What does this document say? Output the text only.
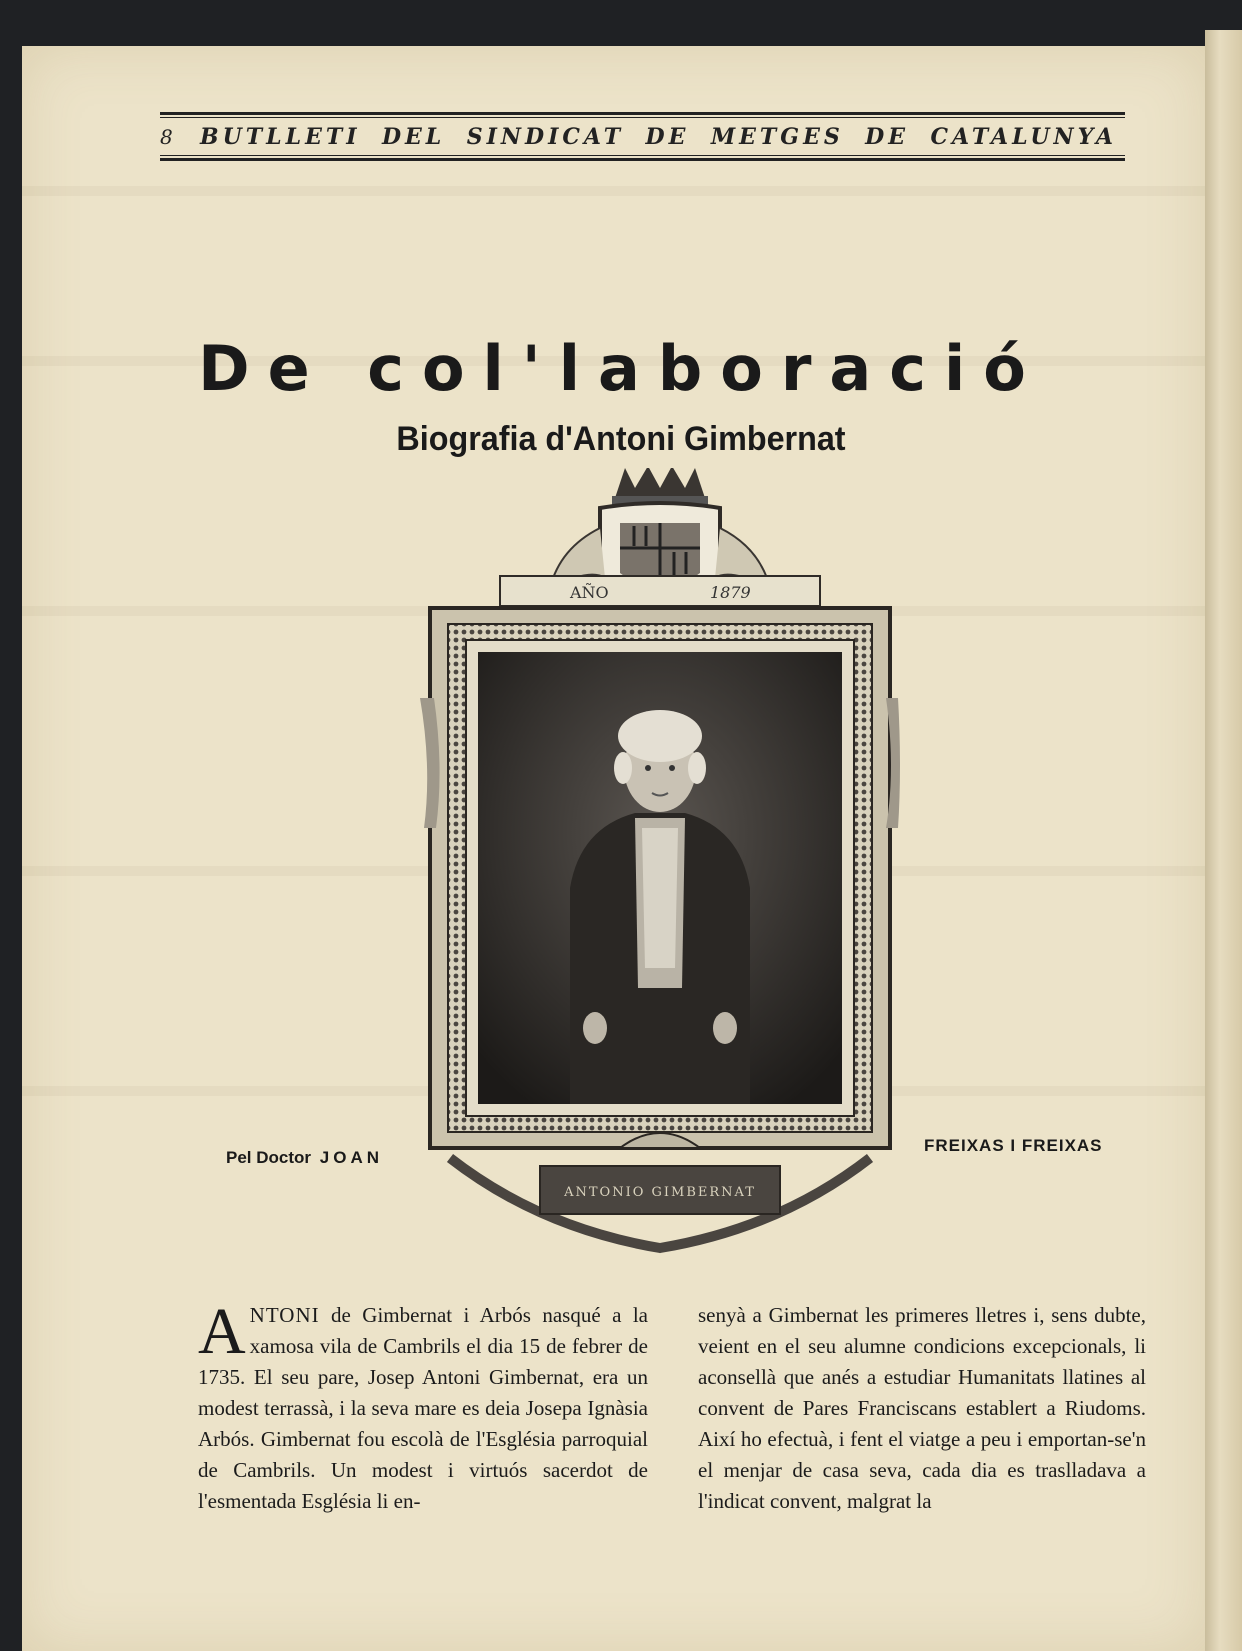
8	BUTLLETI DEL SINDICAT DE METGES DE CATALUNYA
De col'laboració
Biografia d'Antoni Gimbernat
AÑO	1879
ANTONIO GIMBERNAT
Pel Doctor JOAN
FREIXAS I FREIXAS

ANTONI de Gimbernat i Arbós nasqué a la xamosa vila de Cambrils el dia 15 de febrer de 1735. El seu pare, Josep Antoni Gimbernat, era un modest terrassà, i la seva mare es deia Josepa Ignàsia Arbós. Gimbernat fou escolà de l'Església parroquial de Cambrils. Un modest i virtuós sacerdot de l'esmentada Església li en-

senyà a Gimbernat les primeres lletres i, sens dubte, veient en el seu alumne condicions excepcionals, li aconsellà que anés a estudiar Humanitats llatines al convent de Pares Franciscans establert a Riudoms. Així ho efectuà, i fent el viatge a peu i emportan-se'n el menjar de casa seva, cada dia es traslladava a l'indicat convent, malgrat la
